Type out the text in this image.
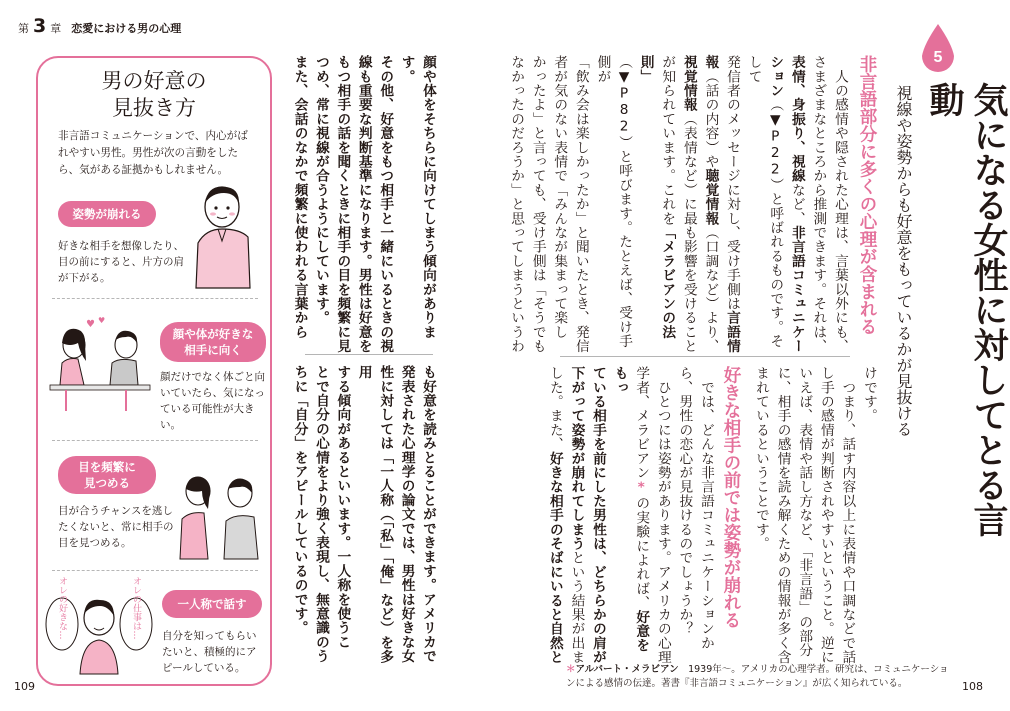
第 3 章 恋愛における男の心理
男の好意の
見抜き方
非言語コミュニケーションで、内心がばれやすい男性。男性が次の言動をしたら、気がある証拠かもしれません。
姿勢が崩れる
好きな相手を想像したり、目の前にすると、片方の肩が下がる。
♥ ♥
顔や体が好きな
相手に向く
顔だけでなく体ごと向いていたら、気になっている可能性が大きい。
目を頻繁に
見つめる
目が合うチャンスを逃したくないと、常に相手の目を見つめる。
オレの好きな…	オレの仕事は…	一人称で話す
自分を知ってもらいたいと、積極的にアピールしている。
顔や体をそちらに向けてしまう傾向があります。
その他、好意をもつ相手と一緒にいるときの視
線も重要な判断基準になります。男性は好意を
もつ相手の話を聞くときに相手の目を頻繁に見
つめ、常に視線が合うようにしています。
また、会話のなかで頻繁に使われる言葉から
も好意を読みとることができます。アメリカで
発表された心理学の論文では、男性は好きな女
性に対しては「一人称（「私」「俺」など）を多用
する傾向があるといいます。一人称を使うこ
とで自分の心情をより強く表現し、無意識のう
ちに「自分」をアピールしているのです。
109
5
気になる女性に対してとる言動
視線や姿勢からも好意をもっているかが見抜ける
非言語部分に多くの心理が含まれる
　人の感情や隠された心理は、言葉以外にも、
さまざまなところから推測できます。それは、
表情、身振り、視線など、非言語コミュニケー
ション（▼P22）と呼ばれるものです。そして
発信者のメッセージに対し、受け手側は言語情
報（話の内容）や聴覚情報（口調など）より、
視覚情報（表情など）に最も影響を受けること
が知られています。これを「メラビアンの法則」
（▼P82）と呼びます。たとえば、受け手側が
「飲み会は楽しかったか」と聞いたとき、発信
者が気のない表情で「みんなが集まって楽し
かったよ」と言っても、受け手側は「そうでも
なかったのだろうか」と思ってしまうというわ
けです。
　つまり、話す内容以上に表情や口調などで話
し手の感情が判断されやすいということ。逆に
いえば、表情や話し方など、「非言語」の部分
に、相手の感情を読み解くための情報が多く含
まれているということです。
好きな相手の前では姿勢が崩れる
　では、どんな非言語コミュニケーションか
ら、男性の恋心が見抜けるのでしょうか？
　ひとつには姿勢があります。アメリカの心理
学者、メラビアン*の実験によれば、好意をもっ
ている相手を前にした男性は、どちらかの肩が
下がって姿勢が崩れてしまうという結果が出ま
した。また、好きな相手のそばにいると自然と
＊アルバート・メラビアン　1939年〜。アメリカの心理学者。研究は、コミュニケーショ
ンによる感情の伝達。著書『非言語コミュニケーション』が広く知られている。	108
